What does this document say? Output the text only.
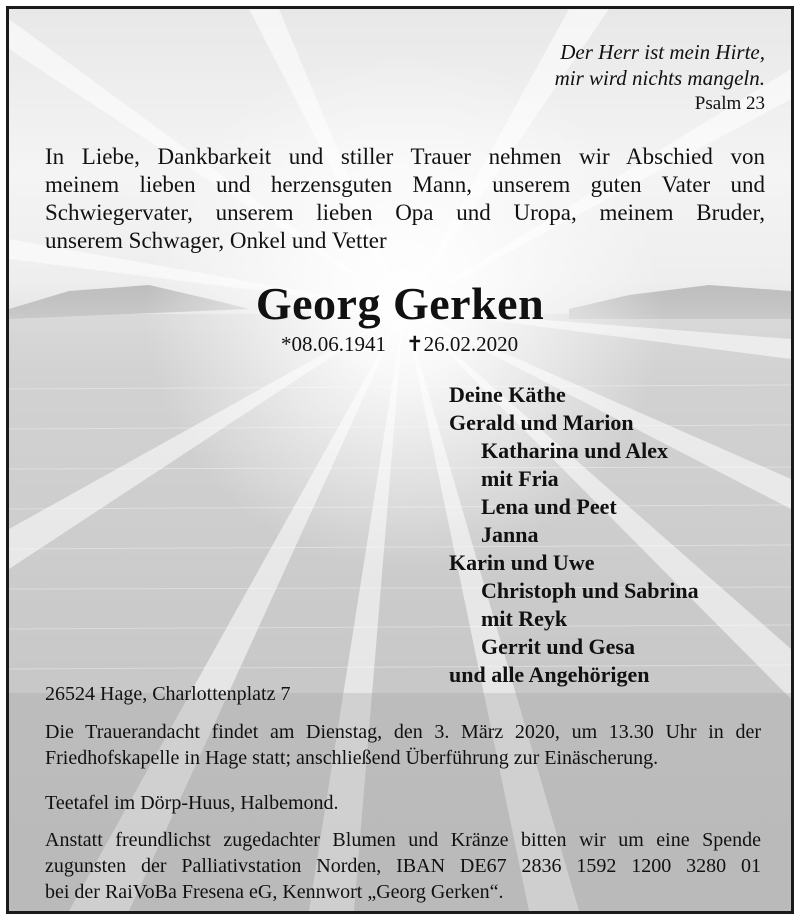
Der Herr ist mein Hirte,
mir wird nichts mangeln.
Psalm 23
In Liebe, Dankbarkeit und stiller Trauer nehmen wir Abschied von
meinem lieben und herzensguten Mann, unserem guten Vater und
Schwiegervater, unserem lieben Opa und Uropa, meinem Bruder,
unserem Schwager, Onkel und Vetter
Georg Gerken
*08.06.1941 ✝26.02.2020
Deine Käthe
Gerald und Marion
Katharina und Alex
mit Fria
Lena und Peet
Janna
Karin und Uwe
Christoph und Sabrina
mit Reyk
Gerrit und Gesa
und alle Angehörigen
26524 Hage, Charlottenplatz 7
Die Trauerandacht findet am Dienstag, den 3. März 2020, um 13.30 Uhr in der
Friedhofskapelle in Hage statt; anschließend Überführung zur Einäscherung.
Teetafel im Dörp-Huus, Halbemond.
Anstatt freundlichst zugedachter Blumen und Kränze bitten wir um eine Spende
zugunsten der Palliativstation Norden, IBAN DE67 2836 1592 1200 3280 01
bei der RaiVoBa Fresena eG, Kennwort „Georg Gerken“.
